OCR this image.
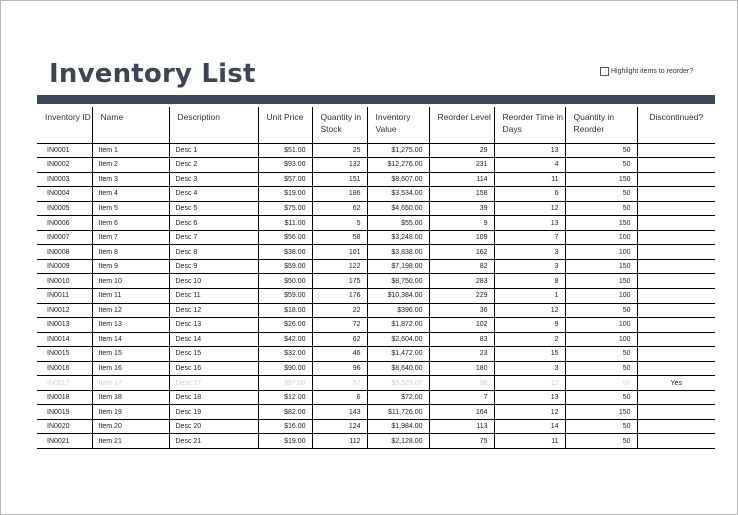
Inventory List	Highlight items to reorder?
Inventory ID	Name	Description	Unit Price	Quantity in Stock	Inventory Value	Reorder Level	Reorder Time in Days	Quantity in Reorder	Discontinued?
IN0001	Item 1	Desc 1	$51.00	25	$1,275.00	29	13	50	
IN0002	Item 2	Desc 2	$93.00	132	$12,276.00	231	4	50	
IN0003	Item 3	Desc 3	$57.00	151	$8,607.00	114	11	150	
IN0004	Item 4	Desc 4	$19.00	186	$3,534.00	158	6	50	
IN0005	Item 5	Desc 5	$75.00	62	$4,650.00	39	12	50	
IN0006	Item 6	Desc 6	$11.00	5	$55.00	9	13	150	
IN0007	Item 7	Desc 7	$56.00	58	$3,248.00	109	7	100	
IN0008	Item 8	Desc 8	$38.00	101	$3,838.00	162	3	100	
IN0009	Item 9	Desc 9	$59.00	122	$7,198.00	82	3	150	
IN0010	Item 10	Desc 10	$50.00	175	$8,750.00	283	8	150	
IN0011	Item 11	Desc 11	$59.00	176	$10,384.00	229	1	100	
IN0012	Item 12	Desc 12	$18.00	22	$396.00	36	12	50	
IN0013	Item 13	Desc 13	$26.00	72	$1,872.00	102	9	100	
IN0014	Item 14	Desc 14	$42.00	62	$2,604.00	83	2	100	
IN0015	Item 15	Desc 15	$32.00	46	$1,472.00	23	15	50	
IN0016	Item 16	Desc 16	$90.00	96	$8,640.00	180	3	50	
IN0017	Item 17	Desc 17	$97.00	57	$5,529.00	98	12	50	Yes
IN0018	Item 18	Desc 18	$12.00	6	$72.00	7	13	50	
IN0019	Item 19	Desc 19	$82.00	143	$11,726.00	164	12	150	
IN0020	Item 20	Desc 20	$16.00	124	$1,984.00	113	14	50	
IN0021	Item 21	Desc 21	$19.00	112	$2,128.00	75	11	50	
